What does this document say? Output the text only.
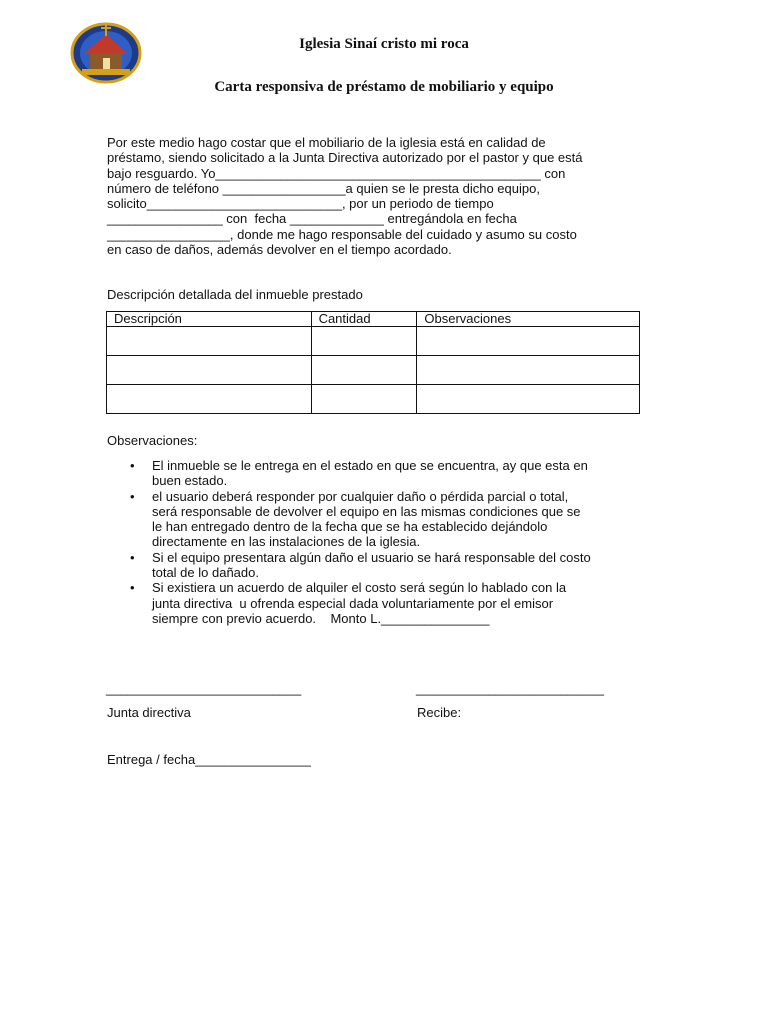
Iglesia Sinaí cristo mi roca
Carta responsiva de préstamo de mobiliario y equipo
Por este medio hago costar que el mobiliario de la iglesia está en calidad de
préstamo, siendo solicitado a la Junta Directiva autorizado por el pastor y que está
bajo resguardo. Yo_____________________________________________ con
número de teléfono _________________a quien se le presta dicho equipo,
solicito___________________________, por un periodo de tiempo
________________ con  fecha _____________ entregándola en fecha
_________________, donde me hago responsable del cuidado y asumo su costo
en caso de daños, además devolver en el tiempo acordado.
Descripción detallada del inmueble prestado
Descripción	Cantidad	Observaciones

Observaciones:
• El inmueble se le entrega en el estado en que se encuentra, ay que esta en
buen estado.
• el usuario deberá responder por cualquier daño o pérdida parcial o total,
será responsable de devolver el equipo en las mismas condiciones que se
le han entregado dentro de la fecha que se ha establecido dejándolo
directamente en las instalaciones de la iglesia.
• Si el equipo presentara algún daño el usuario se hará responsable del costo
total de lo dañado.
• Si existiera un acuerdo de alquiler el costo será según lo hablado con la
junta directiva  u ofrenda especial dada voluntariamente por el emisor
siempre con previo acuerdo.    Monto L._______________
___________________________	__________________________
Junta directiva	Recibe:
Entrega / fecha________________
